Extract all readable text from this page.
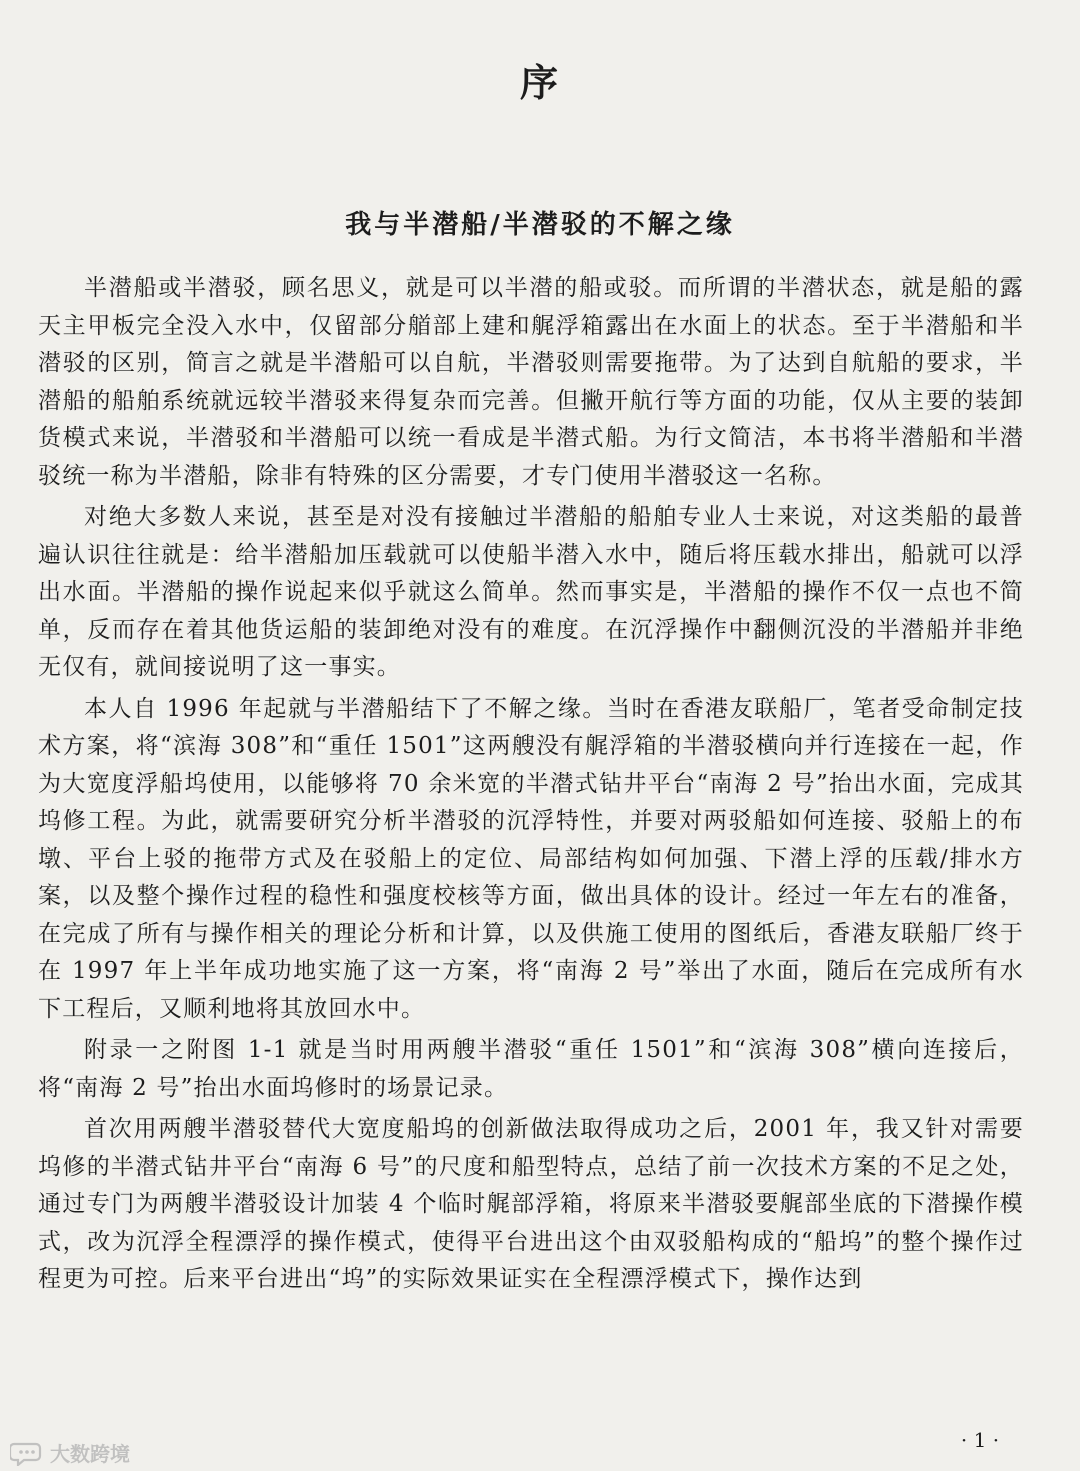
序
我与半潜船/半潜驳的不解之缘

半潜船或半潜驳，顾名思义，就是可以半潜的船或驳。而所谓的半潜状态，就是船的露天主甲板完全没入水中，仅留部分艏部上建和艉浮箱露出在水面上的状态。至于半潜船和半潜驳的区别，简言之就是半潜船可以自航，半潜驳则需要拖带。为了达到自航船的要求，半潜船的船舶系统就远较半潜驳来得复杂而完善。但撇开航行等方面的功能，仅从主要的装卸货模式来说，半潜驳和半潜船可以统一看成是半潜式船。为行文简洁，本书将半潜船和半潜驳统一称为半潜船，除非有特殊的区分需要，才专门使用半潜驳这一名称。

对绝大多数人来说，甚至是对没有接触过半潜船的船舶专业人士来说，对这类船的最普遍认识往往就是：给半潜船加压载就可以使船半潜入水中，随后将压载水排出，船就可以浮出水面。半潜船的操作说起来似乎就这么简单。然而事实是，半潜船的操作不仅一点也不简单，反而存在着其他货运船的装卸绝对没有的难度。在沉浮操作中翻侧沉没的半潜船并非绝无仅有，就间接说明了这一事实。

本人自 1996 年起就与半潜船结下了不解之缘。当时在香港友联船厂，笔者受命制定技术方案，将“滨海 308”和“重任 1501”这两艘没有艉浮箱的半潜驳横向并行连接在一起，作为大宽度浮船坞使用，以能够将 70 余米宽的半潜式钻井平台“南海 2 号”抬出水面，完成其坞修工程。为此，就需要研究分析半潜驳的沉浮特性，并要对两驳船如何连接、驳船上的布墩、平台上驳的拖带方式及在驳船上的定位、局部结构如何加强、下潜上浮的压载/排水方案，以及整个操作过程的稳性和强度校核等方面，做出具体的设计。经过一年左右的准备，在完成了所有与操作相关的理论分析和计算，以及供施工使用的图纸后，香港友联船厂终于在 1997 年上半年成功地实施了这一方案，将“南海 2 号”举出了水面，随后在完成所有水下工程后，又顺利地将其放回水中。

附录一之附图 1-1 就是当时用两艘半潜驳“重任 1501”和“滨海 308”横向连接后，将“南海 2 号”抬出水面坞修时的场景记录。

首次用两艘半潜驳替代大宽度船坞的创新做法取得成功之后，2001 年，我又针对需要坞修的半潜式钻井平台“南海 6 号”的尺度和船型特点，总结了前一次技术方案的不足之处，通过专门为两艘半潜驳设计加装 4 个临时艉部浮箱，将原来半潜驳要艉部坐底的下潜操作模式，改为沉浮全程漂浮的操作模式，使得平台进出这个由双驳船构成的“船坞”的整个操作过程更为可控。后来平台进出“坞”的实际效果证实在全程漂浮模式下，操作达到

· 1 ·
大数跨境
